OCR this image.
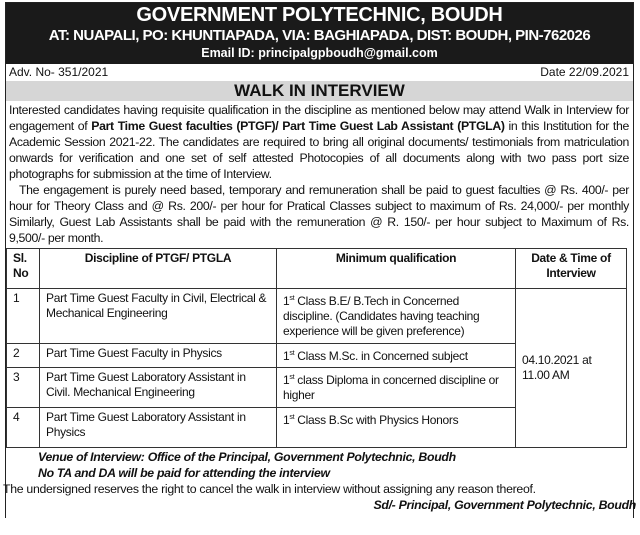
GOVERNMENT POLYTECHNIC, BOUDH
AT: NUAPALI, PO: KHUNTIAPADA, VIA: BAGHIAPADA, DIST: BOUDH, PIN-762026
Email ID: principalgpboudh@gmail.com
Adv. No- 351/2021	Date 22/09.2021
WALK IN INTERVIEW

Interested candidates having requisite qualification in the discipline as mentioned below may attend Walk in Interview for engagement of Part Time Guest faculties (PTGF)/ Part Time Guest Lab Assistant (PTGLA) in this Institution for the Academic Session 2021-22. The candidates are required to bring all original documents/ testimonials from matriculation onwards for verification and one set of self attested Photocopies of all documents along with two pass port size photographs for submission at the time of Interview.

The engagement is purely need based, temporary and remuneration shall be paid to guest faculties @ Rs. 400/- per hour for Theory Class and @ Rs. 200/- per hour for Pratical Classes subject to maximum of Rs. 24,000/- per monthly Similarly, Guest Lab Assistants shall be paid with the remuneration @ R. 150/- per hour subject to Maximum of Rs. 9,500/- per month.

Sl. No	Discipline of PTGF/ PTGLA	Minimum qualification	Date & Time of Interview
1	Part Time Guest Faculty in Civil, Electrical & Mechanical Engineering	1st Class B.E/ B.Tech in Concerned discipline. (Candidates having teaching experience will be given preference)	04.10.2021 at 11.00 AM
2	Part Time Guest Faculty in Physics	1st Class M.Sc. in Concerned subject	
3	Part Time Guest Laboratory Assistant in Civil. Mechanical Engineering	1st class Diploma in concerned discipline or higher	
4	Part Time Guest Laboratory Assistant in Physics	1st Class B.Sc with Physics Honors	
Venue of Interview: Office of the Principal, Government Polytechnic, Boudh
No TA and DA will be paid for attending the interview
The undersigned reserves the right to cancel the walk in interview without assigning any reason thereof.
Sd/- Principal, Government Polytechnic, Boudh
